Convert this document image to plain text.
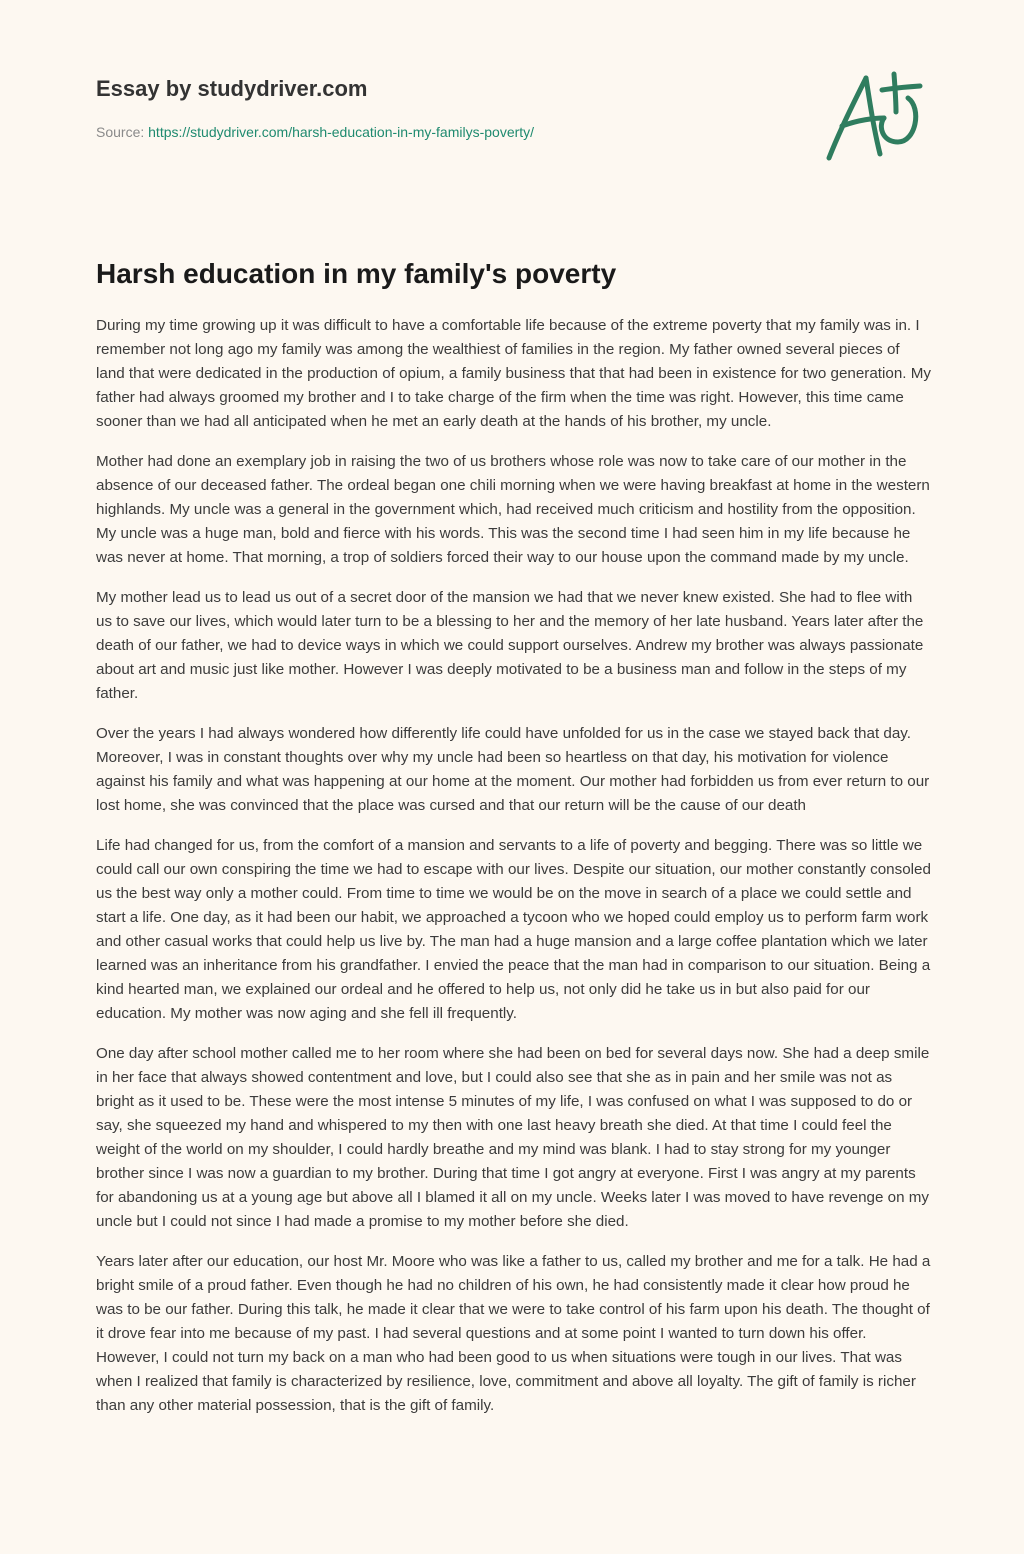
Essay by studydriver.com
Source: https://studydriver.com/harsh-education-in-my-familys-poverty/
Harsh education in my family's poverty

During my time growing up it was difficult to have a comfortable life because of the extreme poverty that my family was in. I remember not long ago my family was among the wealthiest of families in the region. My father owned several pieces of land that were dedicated in the production of opium, a family business that that had been in existence for two generation. My father had always groomed my brother and I to take charge of the firm when the time was right. However, this time came sooner than we had all anticipated when he met an early death at the hands of his brother, my uncle.

Mother had done an exemplary job in raising the two of us brothers whose role was now to take care of our mother in the absence of our deceased father. The ordeal began one chili morning when we were having breakfast at home in the western highlands. My uncle was a general in the government which, had received much criticism and hostility from the opposition. My uncle was a huge man, bold and fierce with his words. This was the second time I had seen him in my life because he was never at home. That morning, a trop of soldiers forced their way to our house upon the command made by my uncle.

My mother lead us to lead us out of a secret door of the mansion we had that we never knew existed. She had to flee with us to save our lives, which would later turn to be a blessing to her and the memory of her late husband. Years later after the death of our father, we had to device ways in which we could support ourselves. Andrew my brother was always passionate about art and music just like mother. However I was deeply motivated to be a business man and follow in the steps of my father.

Over the years I had always wondered how differently life could have unfolded for us in the case we stayed back that day. Moreover, I was in constant thoughts over why my uncle had been so heartless on that day, his motivation for violence against his family and what was happening at our home at the moment. Our mother had forbidden us from ever return to our lost home, she was convinced that the place was cursed and that our return will be the cause of our death

Life had changed for us, from the comfort of a mansion and servants to a life of poverty and begging. There was so little we could call our own conspiring the time we had to escape with our lives. Despite our situation, our mother constantly consoled us the best way only a mother could. From time to time we would be on the move in search of a place we could settle and start a life. One day, as it had been our habit, we approached a tycoon who we hoped could employ us to perform farm work and other casual works that could help us live by. The man had a huge mansion and a large coffee plantation which we later learned was an inheritance from his grandfather. I envied the peace that the man had in comparison to our situation. Being a kind hearted man, we explained our ordeal and he offered to help us, not only did he take us in but also paid for our education. My mother was now aging and she fell ill frequently.

One day after school mother called me to her room where she had been on bed for several days now. She had a deep smile in her face that always showed contentment and love, but I could also see that she as in pain and her smile was not as bright as it used to be. These were the most intense 5 minutes of my life, I was confused on what I was supposed to do or say, she squeezed my hand and whispered to my then with one last heavy breath she died. At that time I could feel the weight of the world on my shoulder, I could hardly breathe and my mind was blank. I had to stay strong for my younger brother since I was now a guardian to my brother. During that time I got angry at everyone. First I was angry at my parents for abandoning us at a young age but above all I blamed it all on my uncle. Weeks later I was moved to have revenge on my uncle but I could not since I had made a promise to my mother before she died.

Years later after our education, our host Mr. Moore who was like a father to us, called my brother and me for a talk. He had a bright smile of a proud father. Even though he had no children of his own, he had consistently made it clear how proud he was to be our father. During this talk, he made it clear that we were to take control of his farm upon his death. The thought of it drove fear into me because of my past. I had several questions and at some point I wanted to turn down his offer. However, I could not turn my back on a man who had been good to us when situations were tough in our lives. That was when I realized that family is characterized by resilience, love, commitment and above all loyalty. The gift of family is richer than any other material possession, that is the gift of family.
